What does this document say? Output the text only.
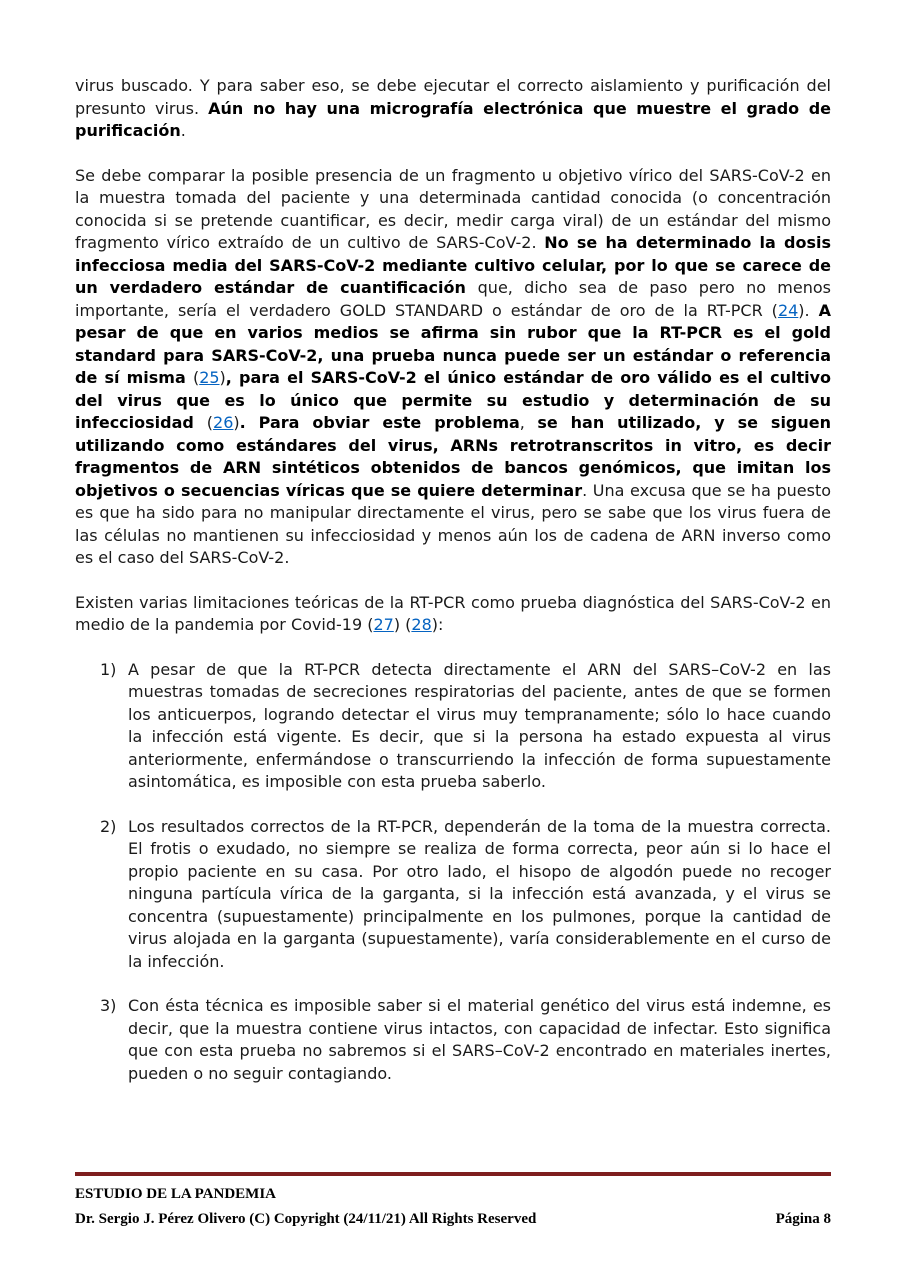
virus buscado. Y para saber eso, se debe ejecutar el correcto aislamiento y purificación del presunto virus. Aún no hay una micrografía electrónica que muestre el grado de purificación.

Se debe comparar la posible presencia de un fragmento u objetivo vírico del SARS-CoV-2 en la muestra tomada del paciente y una determinada cantidad conocida (o concentración conocida si se pretende cuantificar, es decir, medir carga viral) de un estándar del mismo fragmento vírico extraído de un cultivo de SARS-CoV-2. No se ha determinado la dosis infecciosa media del SARS-CoV-2 mediante cultivo celular, por lo que se carece de un verdadero estándar de cuantificación que, dicho sea de paso pero no menos importante, sería el verdadero GOLD STANDARD o estándar de oro de la RT-PCR (24). A pesar de que en varios medios se afirma sin rubor que la RT-PCR es el gold standard para SARS-CoV-2, una prueba nunca puede ser un estándar o referencia de sí misma (25), para el SARS-CoV-2 el único estándar de oro válido es el cultivo del virus que es lo único que permite su estudio y determinación de su infecciosidad (26). Para obviar este problema, se han utilizado, y se siguen utilizando como estándares del virus, ARNs retrotranscritos in vitro, es decir fragmentos de ARN sintéticos obtenidos de bancos genómicos, que imitan los objetivos o secuencias víricas que se quiere determinar. Una excusa que se ha puesto es que ha sido para no manipular directamente el virus, pero se sabe que los virus fuera de las células no mantienen su infecciosidad y menos aún los de cadena de ARN inverso como es el caso del SARS-CoV-2.

Existen varias limitaciones teóricas de la RT-PCR como prueba diagnóstica del SARS-CoV-2 en medio de la pandemia por Covid-19 (27) (28):

1) A pesar de que la RT-PCR detecta directamente el ARN del SARS–CoV-2 en las muestras tomadas de secreciones respiratorias del paciente, antes de que se formen los anticuerpos, logrando detectar el virus muy tempranamente; sólo lo hace cuando la infección está vigente. Es decir, que si la persona ha estado expuesta al virus anteriormente, enfermándose o transcurriendo la infección de forma supuestamente asintomática, es imposible con esta prueba saberlo.
2) Los resultados correctos de la RT-PCR, dependerán de la toma de la muestra correcta. El frotis o exudado, no siempre se realiza de forma correcta, peor aún si lo hace el propio paciente en su casa. Por otro lado, el hisopo de algodón puede no recoger ninguna partícula vírica de la garganta, si la infección está avanzada, y el virus se concentra (supuestamente) principalmente en los pulmones, porque la cantidad de virus alojada en la garganta (supuestamente), varía considerablemente en el curso de la infección.
3) Con ésta técnica es imposible saber si el material genético del virus está indemne, es decir, que la muestra contiene virus intactos, con capacidad de infectar. Esto significa que con esta prueba no sabremos si el SARS–CoV-2 encontrado en materiales inertes, pueden o no seguir contagiando.
ESTUDIO DE LA PANDEMIA
Dr. Sergio J. Pérez Olivero (C) Copyright (24/11/21) All Rights Reserved	Página 8
